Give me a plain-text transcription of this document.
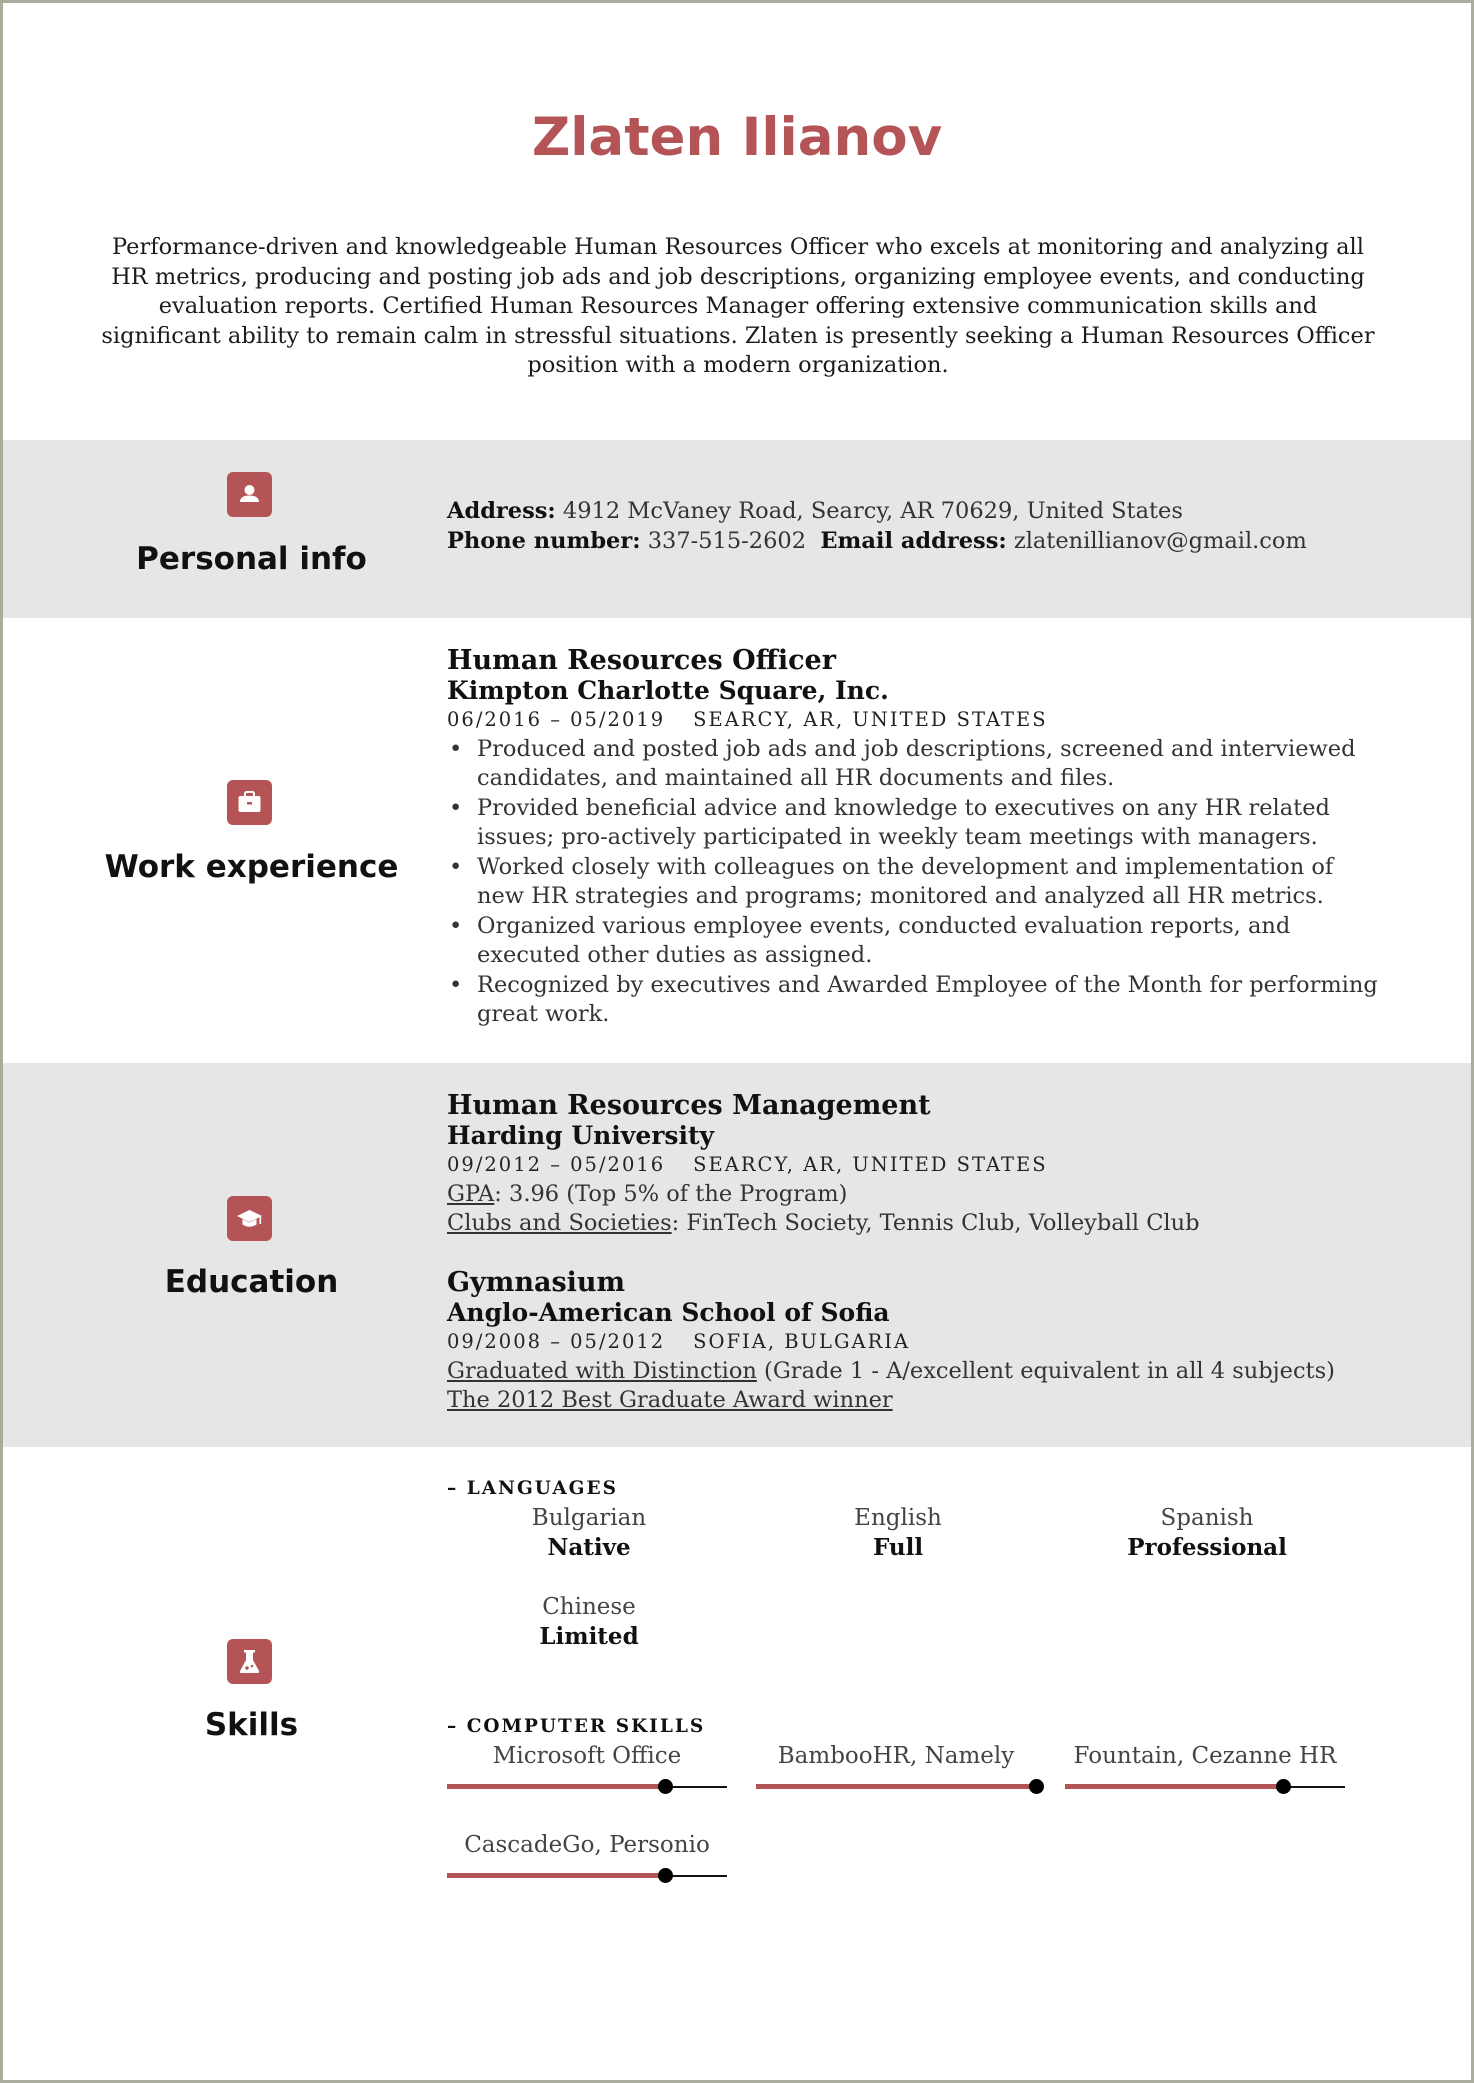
Zlaten Ilianov
Performance-driven and knowledgeable Human Resources Officer who excels at monitoring and analyzing all HR metrics, producing and posting job ads and job descriptions, organizing employee events, and conducting evaluation reports. Certified Human Resources Manager offering extensive communication skills and significant ability to remain calm in stressful situations. Zlaten is presently seeking a Human Resources Officer position with a modern organization.
Personal info
Address: 4912 McVaney Road, Searcy, AR 70629, United States
Phone number: 337-515-2602 Email address: zlatenillianov@gmail.com
Work experience
Human Resources Officer
Kimpton Charlotte Square, Inc.
06/2016 – 05/2019 SEARCY, AR, UNITED STATES
• Produced and posted job ads and job descriptions, screened and interviewed candidates, and maintained all HR documents and files.
• Provided beneficial advice and knowledge to executives on any HR related issues; pro-actively participated in weekly team meetings with managers.
• Worked closely with colleagues on the development and implementation of new HR strategies and programs; monitored and analyzed all HR metrics.
• Organized various employee events, conducted evaluation reports, and executed other duties as assigned.
• Recognized by executives and Awarded Employee of the Month for performing great work.
Education
Human Resources Management
Harding University
09/2012 – 05/2016 SEARCY, AR, UNITED STATES
GPA: 3.96 (Top 5% of the Program)
Clubs and Societies: FinTech Society, Tennis Club, Volleyball Club
Gymnasium
Anglo-American School of Sofia
09/2008 – 05/2012 SOFIA, BULGARIA
Graduated with Distinction (Grade 1 - A/excellent equivalent in all 4 subjects)
The 2012 Best Graduate Award winner
Skills
– LANGUAGES
Bulgarian
Native
English
Full
Spanish
Professional
Chinese
Limited
– COMPUTER SKILLS
Microsoft Office	BambooHR, Namely	Fountain, Cezanne HR
CascadeGo, Personio
